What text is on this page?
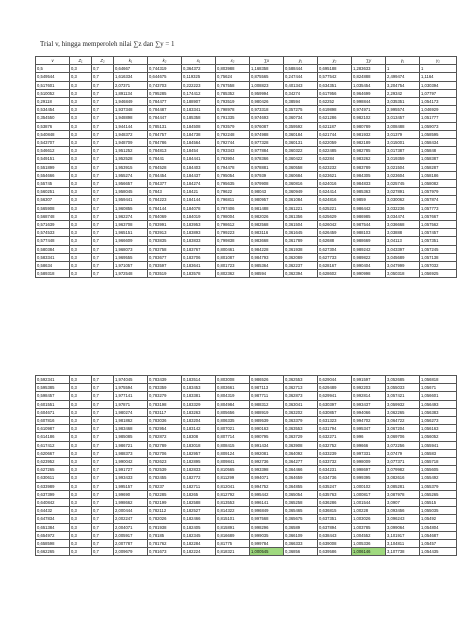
Trial v, hingga memperoleh nilai ∑z dan ∑y = 1
v	Z₁	Z₂	k₁	k₂	x₁	x₂	∑x	y₁	y₂	∑y	γ₁	γ₂
0,5	0,3	0,7	0,64667	0,744319	0,364372	0,803988	1,168358	0,588444	0,695188	1,283633	1	1
0,549544	0,3	0,7	1,616334	0,644675	0,119325	0,75624	0,875565	0,247444	0,577542	0,824888	2,499474	1,1164
0,517601	0,3	0,7	2,07371	0,743703	0,222223	0,767558	1,008823	0,401343	0,634351	1,035454	3,204754	1,030394
0,510052	0,3	0,7	1,891134	0,795285	0,174412	0,785352	0,959994	0,34274	0,617956	0,964699	2,29342	1,07797
0,29118	0,3	0,7	1,946849	0,784477	0,188907	0,793519	0,980426	0,38594	0,62252	0,998844	3,035351	1,054173
0,534454	0,3	0,7	1,937348	0,784487	0,183341	0,798978	0,973318	0,357275	0,619898	0,974971	2,995574	1,046929
0,354550	0,3	0,7	1,948898	0,784447	0,185358	0,791335	0,974693	0,360734	0,621286	0,982102	3,013457	1,051777
0,53876	0,3	0,7	1,944144	0,785131	0,184508	0,793579	0,976087	0,359592	0,621187	0,980789	3,008488	1,059073
0,540848	0,3	0,7	1,948372	0,784757	0,184738	0,792248	0,974988	0,360184	0,621744	0,981932	3,01379	1,058595
0,543707	0,3	0,7	1,948709	0,784786	0,184564	0,792744	0,977328	0,360131	0,622059	0,982189	3,015001	1,058434
0,546612	0,3	0,7	1,951252	0,784813	0,18454	0,793343	0,977884	0,360322	0,622485	0,982785	3,017387	1,05848
0,549151	0,3	0,7	1,952528	0,78441	0,184441	0,793904	0,978366	0,360422	0,62284	0,983262	3,019359	1,058387
0,551899	0,3	0,7	1,953915	0,784528	0,184403	0,794478	0,978881	0,360558	0,623232	0,983789	3,021504	1,058287
0,554666	0,3	0,7	1,955274	0,784454	0,184437	0,795054	0,97939	0,360684	0,623621	0,984305	3,023604	1,058186
0,55745	0,3	0,7	1,956657	0,784377	0,184274	0,795635	0,979908	0,360816	0,624016	0,984833	3,025745	1,058082
0,560251	0,3	0,7	1,958045	0,7843	0,18421	0,79622	0,98043	0,360949	0,624414	0,985363	3,027891	1,057979
0,56307	0,3	0,7	1,959441	0,784223	0,184144	0,796811	0,980957	0,361084	0,624816	0,9859	3,030062	1,057874
0,565908	0,3	0,7	1,960855	0,784144	0,184078	0,797406	0,981488	0,361221	0,625221	0,986442	3,032236	1,057773
0,568748	0,3	0,7	1,962274	0,784069	0,184019	0,798004	0,982026	0,361356	0,625629	0,986985	3,034474	1,057667
0,571639	0,3	0,7	1,963708	0,783991	0,183953	0,798612	0,982568	0,361504	0,626042	0,987544	3,036668	1,057562
0,574533	0,3	0,7	1,965151	0,783913	0,183893	0,799223	0,983116	0,361645	0,626459	0,988103	3,03888	1,057457
0,577448	0,3	0,7	1,966609	0,783835	0,183833	0,799838	0,983668	0,361789	0,62688	0,988669	3,04113	1,057351
0,580384	0,3	0,7	1,968073	0,783758	0,183767	0,800461	0,984228	0,361938	0,627304	0,989242	3,043397	1,057245
0,583341	0,3	0,7	1,969555	0,783677	0,183706	0,801087	0,984793	0,362089	0,627733	0,989822	3,045689	1,057138
0,58634	0,3	0,7	1,971057	0,783597	0,183641	0,801723	0,985364	0,362237	0,628167	0,990404	3,047999	1,057032
0,589318	0,3	0,7	1,972548	0,783519	0,183578	0,802362	0,98594	0,362394	0,628602	0,990998	3,050318	1,056925
0,592341	0,3	0,7	1,974045	0,783439	0,183514	0,803008	0,986526	0,362553	0,629044	0,991597	3,052685	1,056818
0,595385	0,3	0,7	1,975594	0,783359	0,183453	0,803661	0,987113	0,362713	0,629489	0,992203	3,055033	1,05671
0,598457	0,3	0,7	1,977141	0,783279	0,183381	0,804319	0,987711	0,362873	0,629941	0,992814	3,057421	1,056601
0,601551	0,3	0,7	1,97871	0,783198	0,183329	0,804984	0,988312	0,363041	0,630397	0,993437	3,059932	1,056493
0,604671	0,3	0,7	1,980274	0,783117	0,183263	0,805656	0,988919	0,363202	0,630857	0,994066	3,062265	1,056383
0,607816	0,3	0,7	1,981862	0,783036	0,183204	0,806335	0,989539	0,363379	0,631323	0,994702	3,064722	1,056273
0,610987	0,3	0,7	1,983468	0,782954	0,183142	0,807021	0,990163	0,363553	0,631794	0,995347	3,067204	1,056163
0,614186	0,3	0,7	1,985085	0,782872	0,18308	0,807714	0,990795	0,363729	0,632271	0,996	3,069706	1,056052
0,617412	0,3	0,7	1,986721	0,782789	0,183018	0,808415	0,991434	0,363908	0,632752	0,99666	3,072256	1,055941
0,620667	0,3	0,7	1,988373	0,782706	0,182957	0,809124	0,992081	0,364092	0,633239	0,997331	3,07479	1,05583
0,623952	0,3	0,7	1,990042	0,782623	0,182895	0,809841	0,992736	0,364277	0,633732	0,998009	3,077371	1,055718
0,627265	0,3	0,7	1,991727	0,782539	0,182833	0,810565	0,993398	0,364466	0,634231	0,998697	3,079982	1,055605
0,630611	0,3	0,7	1,993433	0,782455	0,182772	0,811299	0,994071	0,364659	0,634736	0,999395	3,082616	1,055492
0,633989	0,3	0,7	1,995157	0,78237	0,182711	0,812041	0,994752	0,364855	0,635247	1,000102	3,085281	1,055379
0,637399	0,3	0,7	1,99690	0,782285	0,18265	0,812792	0,995442	0,365054	0,635763	1,000817	3,087978	1,055265
0,640842	0,3	0,7	1,998662	0,782199	0,182588	0,813553	0,996141	0,365258	0,636286	1,001544	3,0907	1,05515
0,64432	0,3	0,7	2,000444	0,782112	0,182527	0,814322	0,996849	0,365465	0,636815	1,00228	3,093456	1,055035
0,647834	0,3	0,7	2,002247	0,782026	0,182466	0,815101	0,997568	0,365675	0,637351	1,003026	3,096243	1,05492
0,651384	0,3	0,7	2,004071	0,781938	0,182405	0,815891	0,998296	0,36589	0,637894	1,003785	3,099064	1,054804
0,654972	0,3	0,7	2,005917	0,78185	0,182345	0,816689	0,999035	0,366109	0,638443	1,004552	3,101917	1,054687
0,658598	0,3	0,7	2,007787	0,781762	0,182284	0,81775	0,999784	0,366333	0,639008	1,005336	3,104811	1,05457
0,662265	0,3	0,7	2,009679	0,781673	0,182224	0,818321	1,000545	0,36856	0,639586	1,006146	3,107738	1,054435
